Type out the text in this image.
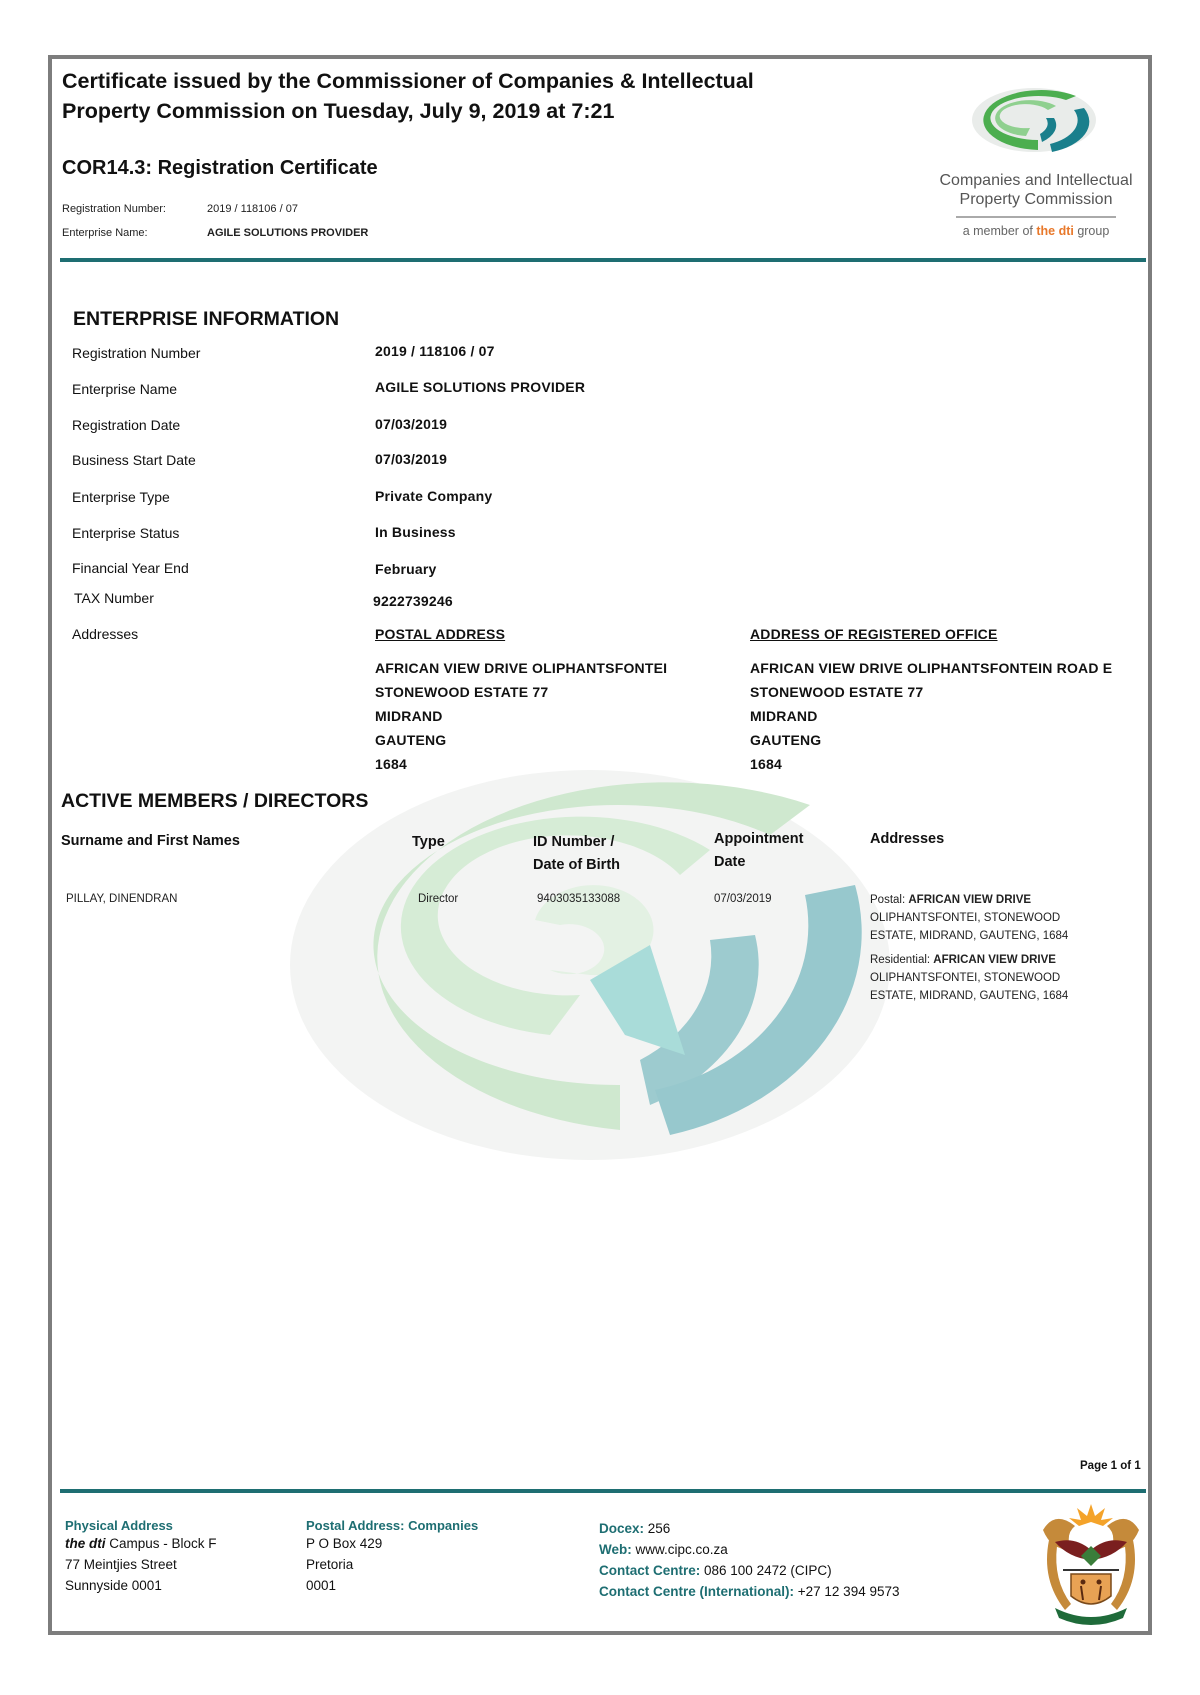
Certificate issued by the Commissioner of Companies & Intellectual
Property Commission on Tuesday, July 9, 2019 at 7:21
COR14.3: Registration Certificate
Registration Number:	2019 / 118106 / 07
Enterprise Name:	AGILE SOLUTIONS PROVIDER
Companies and Intellectual
Property Commission
a member of the dti group
ENTERPRISE INFORMATION
Registration Number	2019 / 118106 / 07
Enterprise Name	AGILE SOLUTIONS PROVIDER
Registration Date	07/03/2019
Business Start Date	07/03/2019
Enterprise Type	Private Company
Enterprise Status	In Business
Financial Year End	February
TAX Number	9222739246
Addresses	POSTAL ADDRESS
AFRICAN VIEW DRIVE OLIPHANTSFONTEI
STONEWOOD ESTATE 77
MIDRAND
GAUTENG
1684
ADDRESS OF REGISTERED OFFICE
AFRICAN VIEW DRIVE OLIPHANTSFONTEIN ROAD E
STONEWOOD ESTATE 77
MIDRAND
GAUTENG
1684
ACTIVE MEMBERS / DIRECTORS
Surname and First Names	Type	ID Number /
Date of Birth
Appointment
Date
Addresses
PILLAY, DINENDRAN	Director	9403035133088	07/03/2019	Postal: AFRICAN VIEW DRIVE
OLIPHANTSFONTEI, STONEWOOD
ESTATE, MIDRAND, GAUTENG, 1684
Residential: AFRICAN VIEW DRIVE
OLIPHANTSFONTEI, STONEWOOD
ESTATE, MIDRAND, GAUTENG, 1684
Page 1 of 1
Physical Address
the dti Campus - Block F
77 Meintjies Street
Sunnyside 0001
Postal Address: Companies
P O Box 429
Pretoria
0001
Docex: 256
Web: www.cipc.co.za
Contact Centre: 086 100 2472 (CIPC)
Contact Centre (International): +27 12 394 9573
